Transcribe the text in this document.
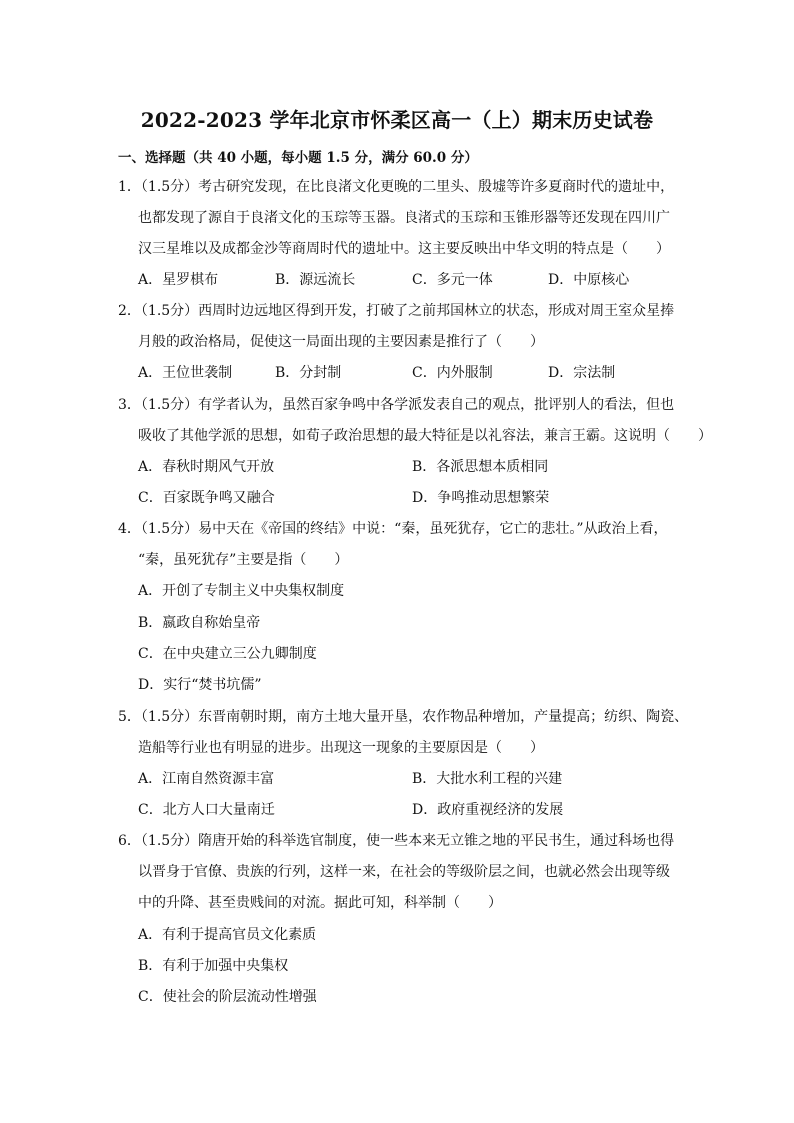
2022-2023 学年北京市怀柔区高一（上）期末历史试卷
一、选择题（共 40 小题，每小题 1.5 分，满分 60.0 分）
1．（1.5分）考古研究发现，在比良渚文化更晚的二里头、殷墟等许多夏商时代的遗址中，
也都发现了源自于良渚文化的玉琮等玉器。良渚式的玉琮和玉锥形器等还发现在四川广
汉三星堆以及成都金沙等商周时代的遗址中。这主要反映出中华文明的特点是（　　）
A．星罗棋布	B．源远流长	C．多元一体	D．中原核心
2．（1.5分）西周时边远地区得到开发，打破了之前邦国林立的状态，形成对周王室众星捧
月般的政治格局，促使这一局面出现的主要因素是推行了（　　）
A．王位世袭制	B．分封制	C．内外服制	D．宗法制
3．（1.5分）有学者认为，虽然百家争鸣中各学派发表自己的观点，批评别人的看法，但也
吸收了其他学派的思想，如荀子政治思想的最大特征是以礼容法，兼言王霸。这说明（　　）
A．春秋时期风气开放	B．各派思想本质相同
C．百家既争鸣又融合	D．争鸣推动思想繁荣
4．（1.5分）易中天在《帝国的终结》中说：“秦，虽死犹存，它亡的悲壮。”从政治上看，
“秦，虽死犹存”主要是指（　　）
A．开创了专制主义中央集权制度
B．嬴政自称始皇帝
C．在中央建立三公九卿制度
D．实行“焚书坑儒”
5．（1.5分）东晋南朝时期，南方土地大量开垦，农作物品种增加，产量提高；纺织、陶瓷、
造船等行业也有明显的进步。出现这一现象的主要原因是（　　）
A．江南自然资源丰富	B．大批水利工程的兴建
C．北方人口大量南迁	D．政府重视经济的发展
6．（1.5分）隋唐开始的科举选官制度，使一些本来无立锥之地的平民书生，通过科场也得
以晋身于官僚、贵族的行列，这样一来，在社会的等级阶层之间，也就必然会出现等级
中的升降、甚至贵贱间的对流。据此可知，科举制（　　）
A．有利于提高官员文化素质
B．有利于加强中央集权
C．使社会的阶层流动性增强
